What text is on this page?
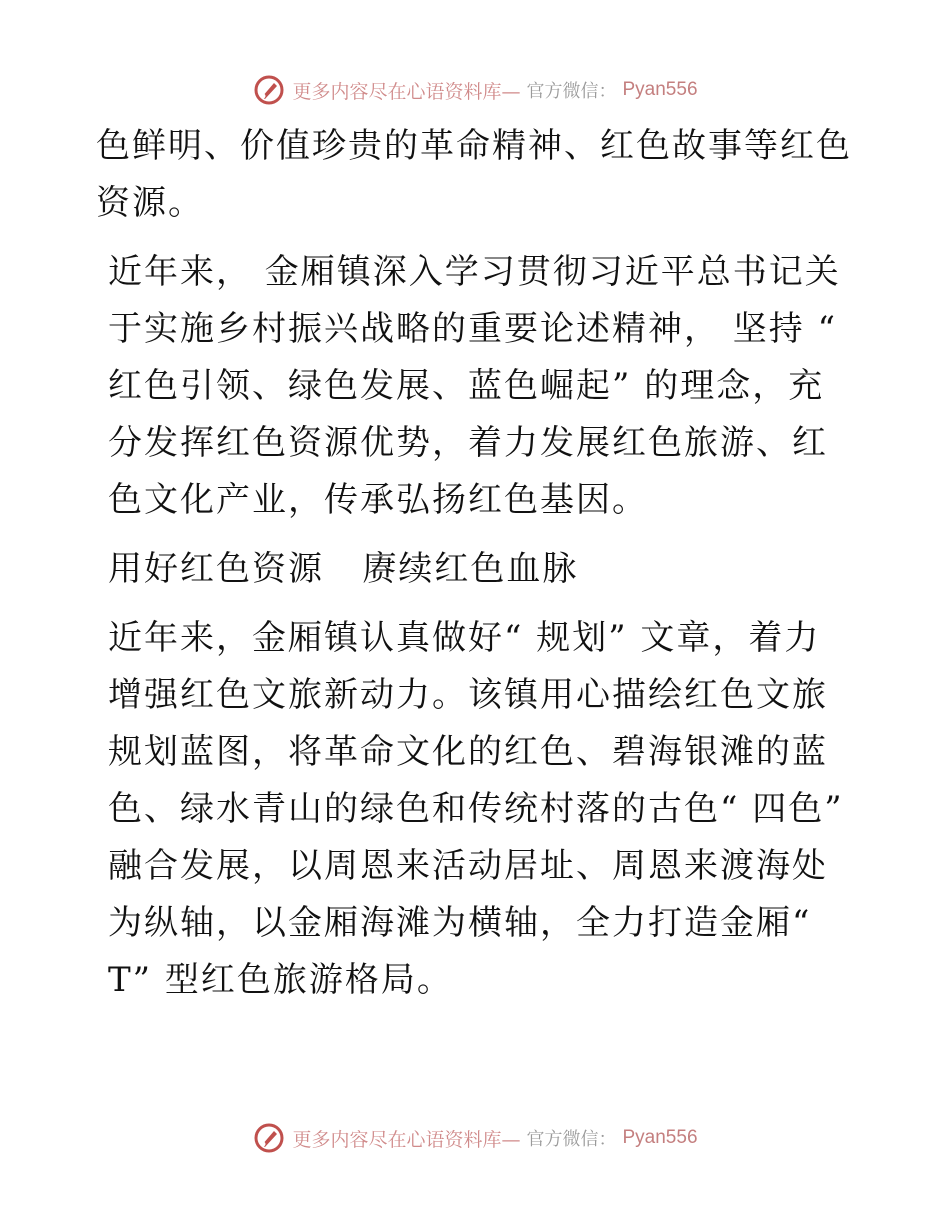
更多内容尽在心语资料库— 官方微信： Pyan556

色鲜明、价值珍贵的革命精神、红色故事等红色资源。

近年来， 金厢镇深入学习贯彻习近平总书记关于实施乡村振兴战略的重要论述精神， 坚持 “ 红色引领、绿色发展、蓝色崛起” 的理念，充分发挥红色资源优势，着力发展红色旅游、红色文化产业，传承弘扬红色基因。

用好红色资源   赓续红色血脉

近年来，金厢镇认真做好“ 规划” 文章，着力增强红色文旅新动力。该镇用心描绘红色文旅规划蓝图，将革命文化的红色、碧海银滩的蓝色、绿水青山的绿色和传统村落的古色“ 四色” 融合发展，以周恩来活动居址、周恩来渡海处为纵轴，以金厢海滩为横轴，全力打造金厢“ T” 型红色旅游格局。

更多内容尽在心语资料库— 官方微信： Pyan556
